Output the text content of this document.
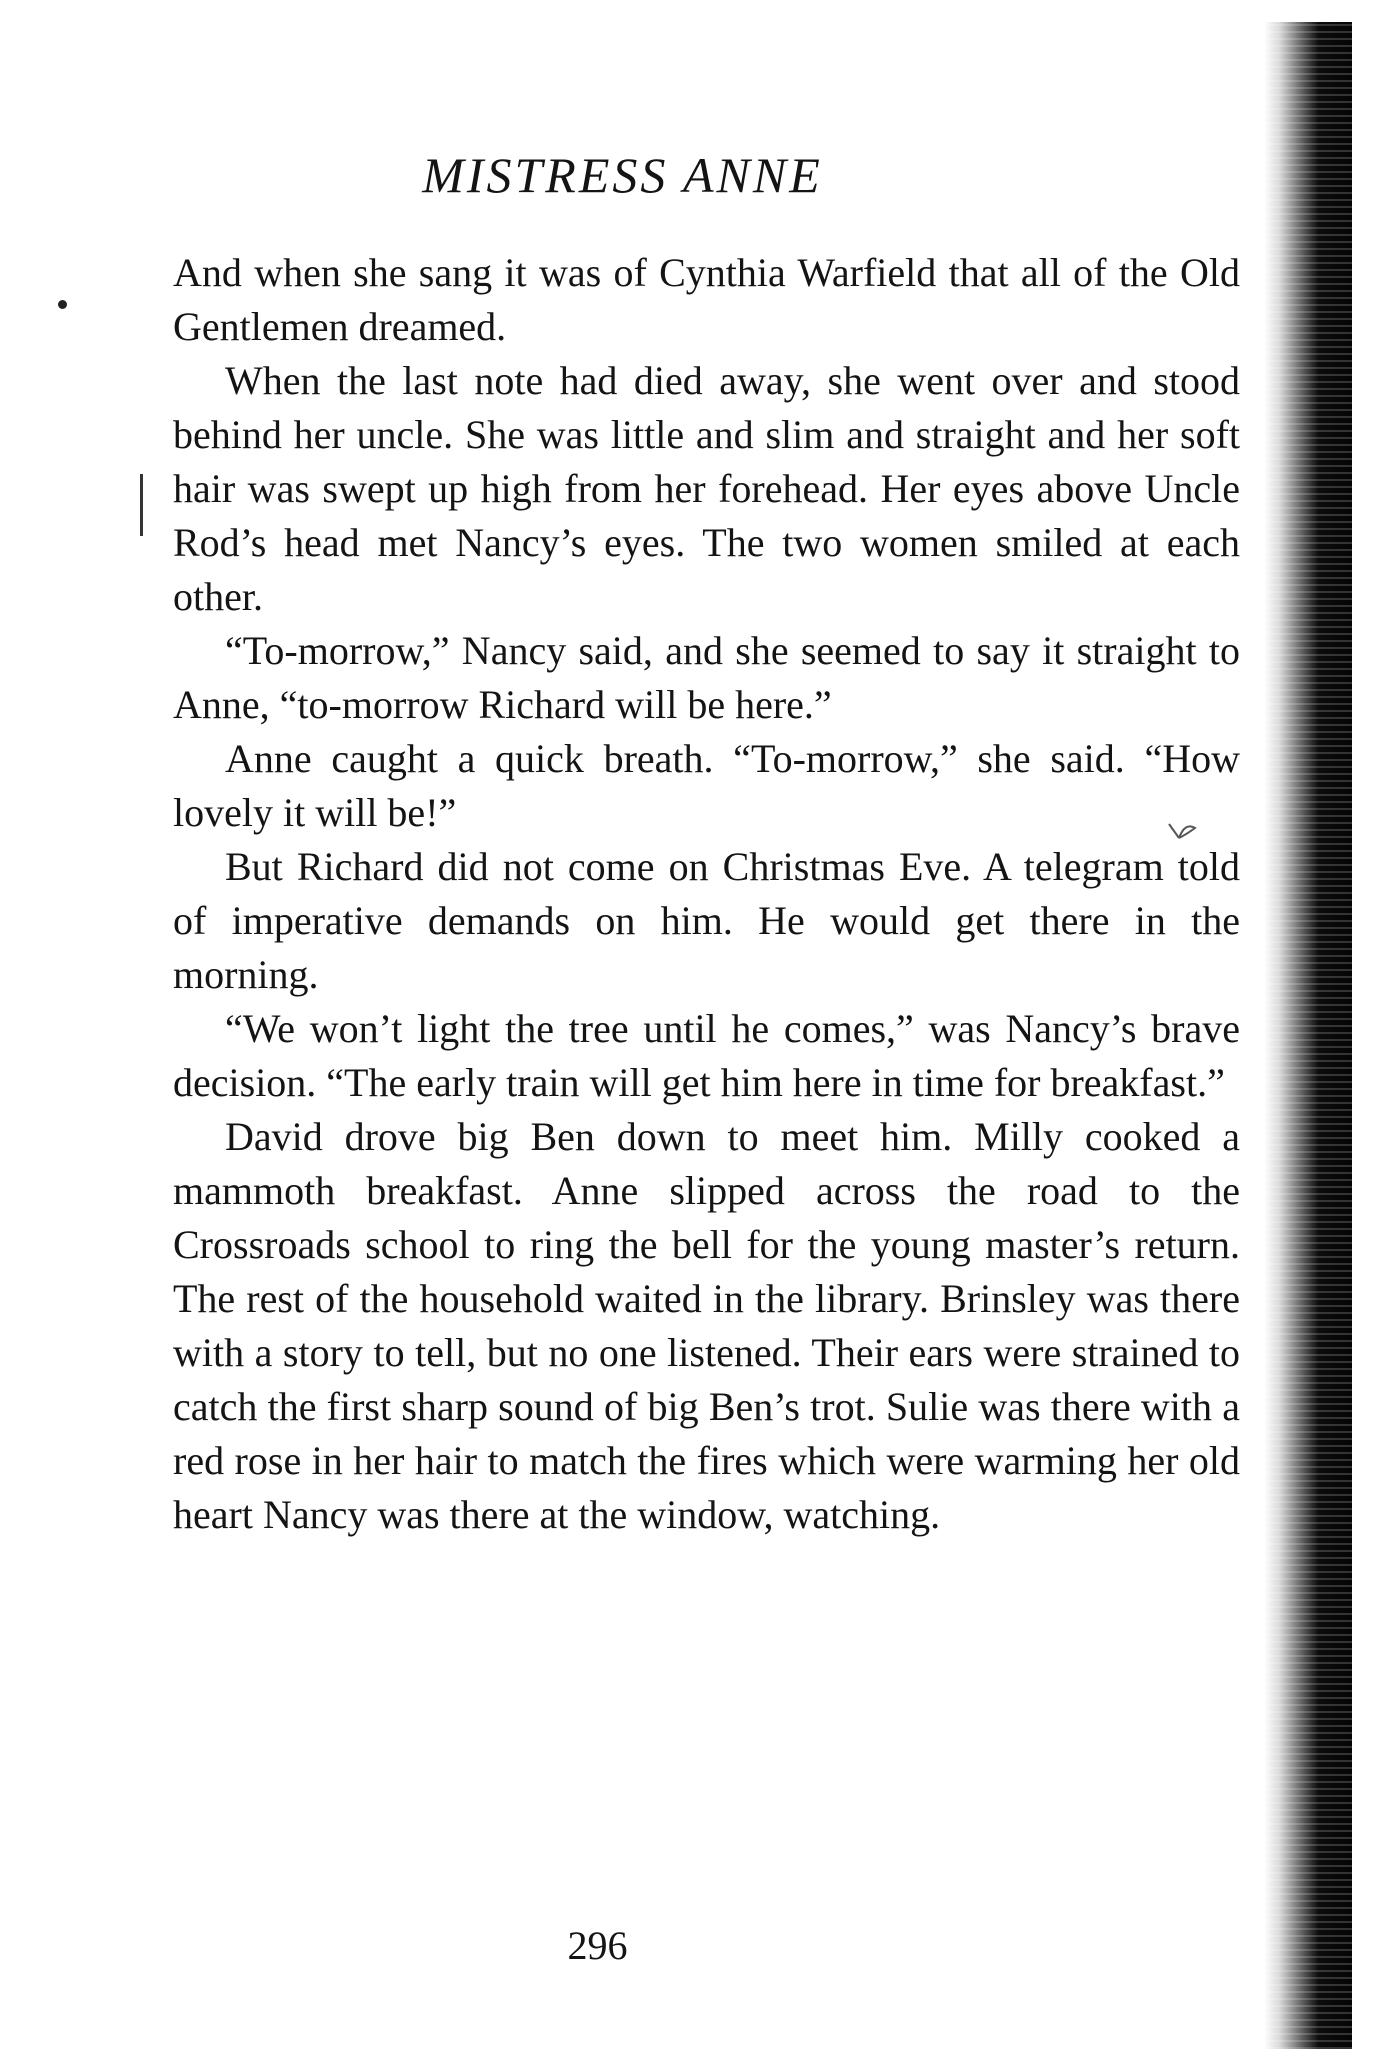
MISTRESS ANNE

And when she sang it was of Cynthia Warfield that all of the Old Gentlemen dreamed.

When the last note had died away, she went over and stood behind her uncle. She was little and slim and straight and her soft hair was swept up high from her forehead. Her eyes above Uncle Rod’s head met Nancy’s eyes. The two women smiled at each other.

“To-morrow,” Nancy said, and she seemed to say it straight to Anne, “to-morrow Richard will be here.”

Anne caught a quick breath. “To-morrow,” she said. “How lovely it will be!”

But Richard did not come on Christmas Eve. A telegram told of imperative demands on him. He would get there in the morning.

“We won’t light the tree until he comes,” was Nancy’s brave decision. “The early train will get him here in time for breakfast.”

David drove big Ben down to meet him. Milly cooked a mammoth breakfast. Anne slipped across the road to the Crossroads school to ring the bell for the young master’s return. The rest of the household waited in the library. Brinsley was there with a story to tell, but no one listened. Their ears were strained to catch the first sharp sound of big Ben’s trot. Sulie was there with a red rose in her hair to match the fires which were warming her old heart Nancy was there at the window, watching.

296
